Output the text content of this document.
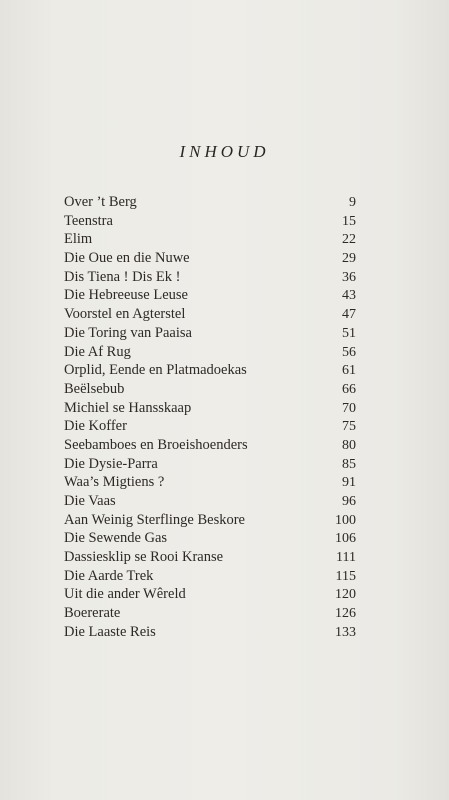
INHOUD
Over ’t Berg	9
Teenstra	15
Elim	22
Die Oue en die Nuwe	29
Dis Tiena ! Dis Ek !	36
Die Hebreeuse Leuse	43
Voorstel en Agterstel	47
Die Toring van Paaisa	51
Die Af Rug	56
Orplid, Eende en Platmadoekas	61
Beëlsebub	66
Michiel se Hansskaap	70
Die Koffer	75
Seebamboes en Broeishoenders	80
Die Dysie-Parra	85
Waa’s Migtiens ?	91
Die Vaas	96
Aan Weinig Sterflinge Beskore	100
Die Sewende Gas	106
Dassiesklip se Rooi Kranse	111
Die Aarde Trek	115
Uit die ander Wêreld	120
Boererate	126
Die Laaste Reis	133
